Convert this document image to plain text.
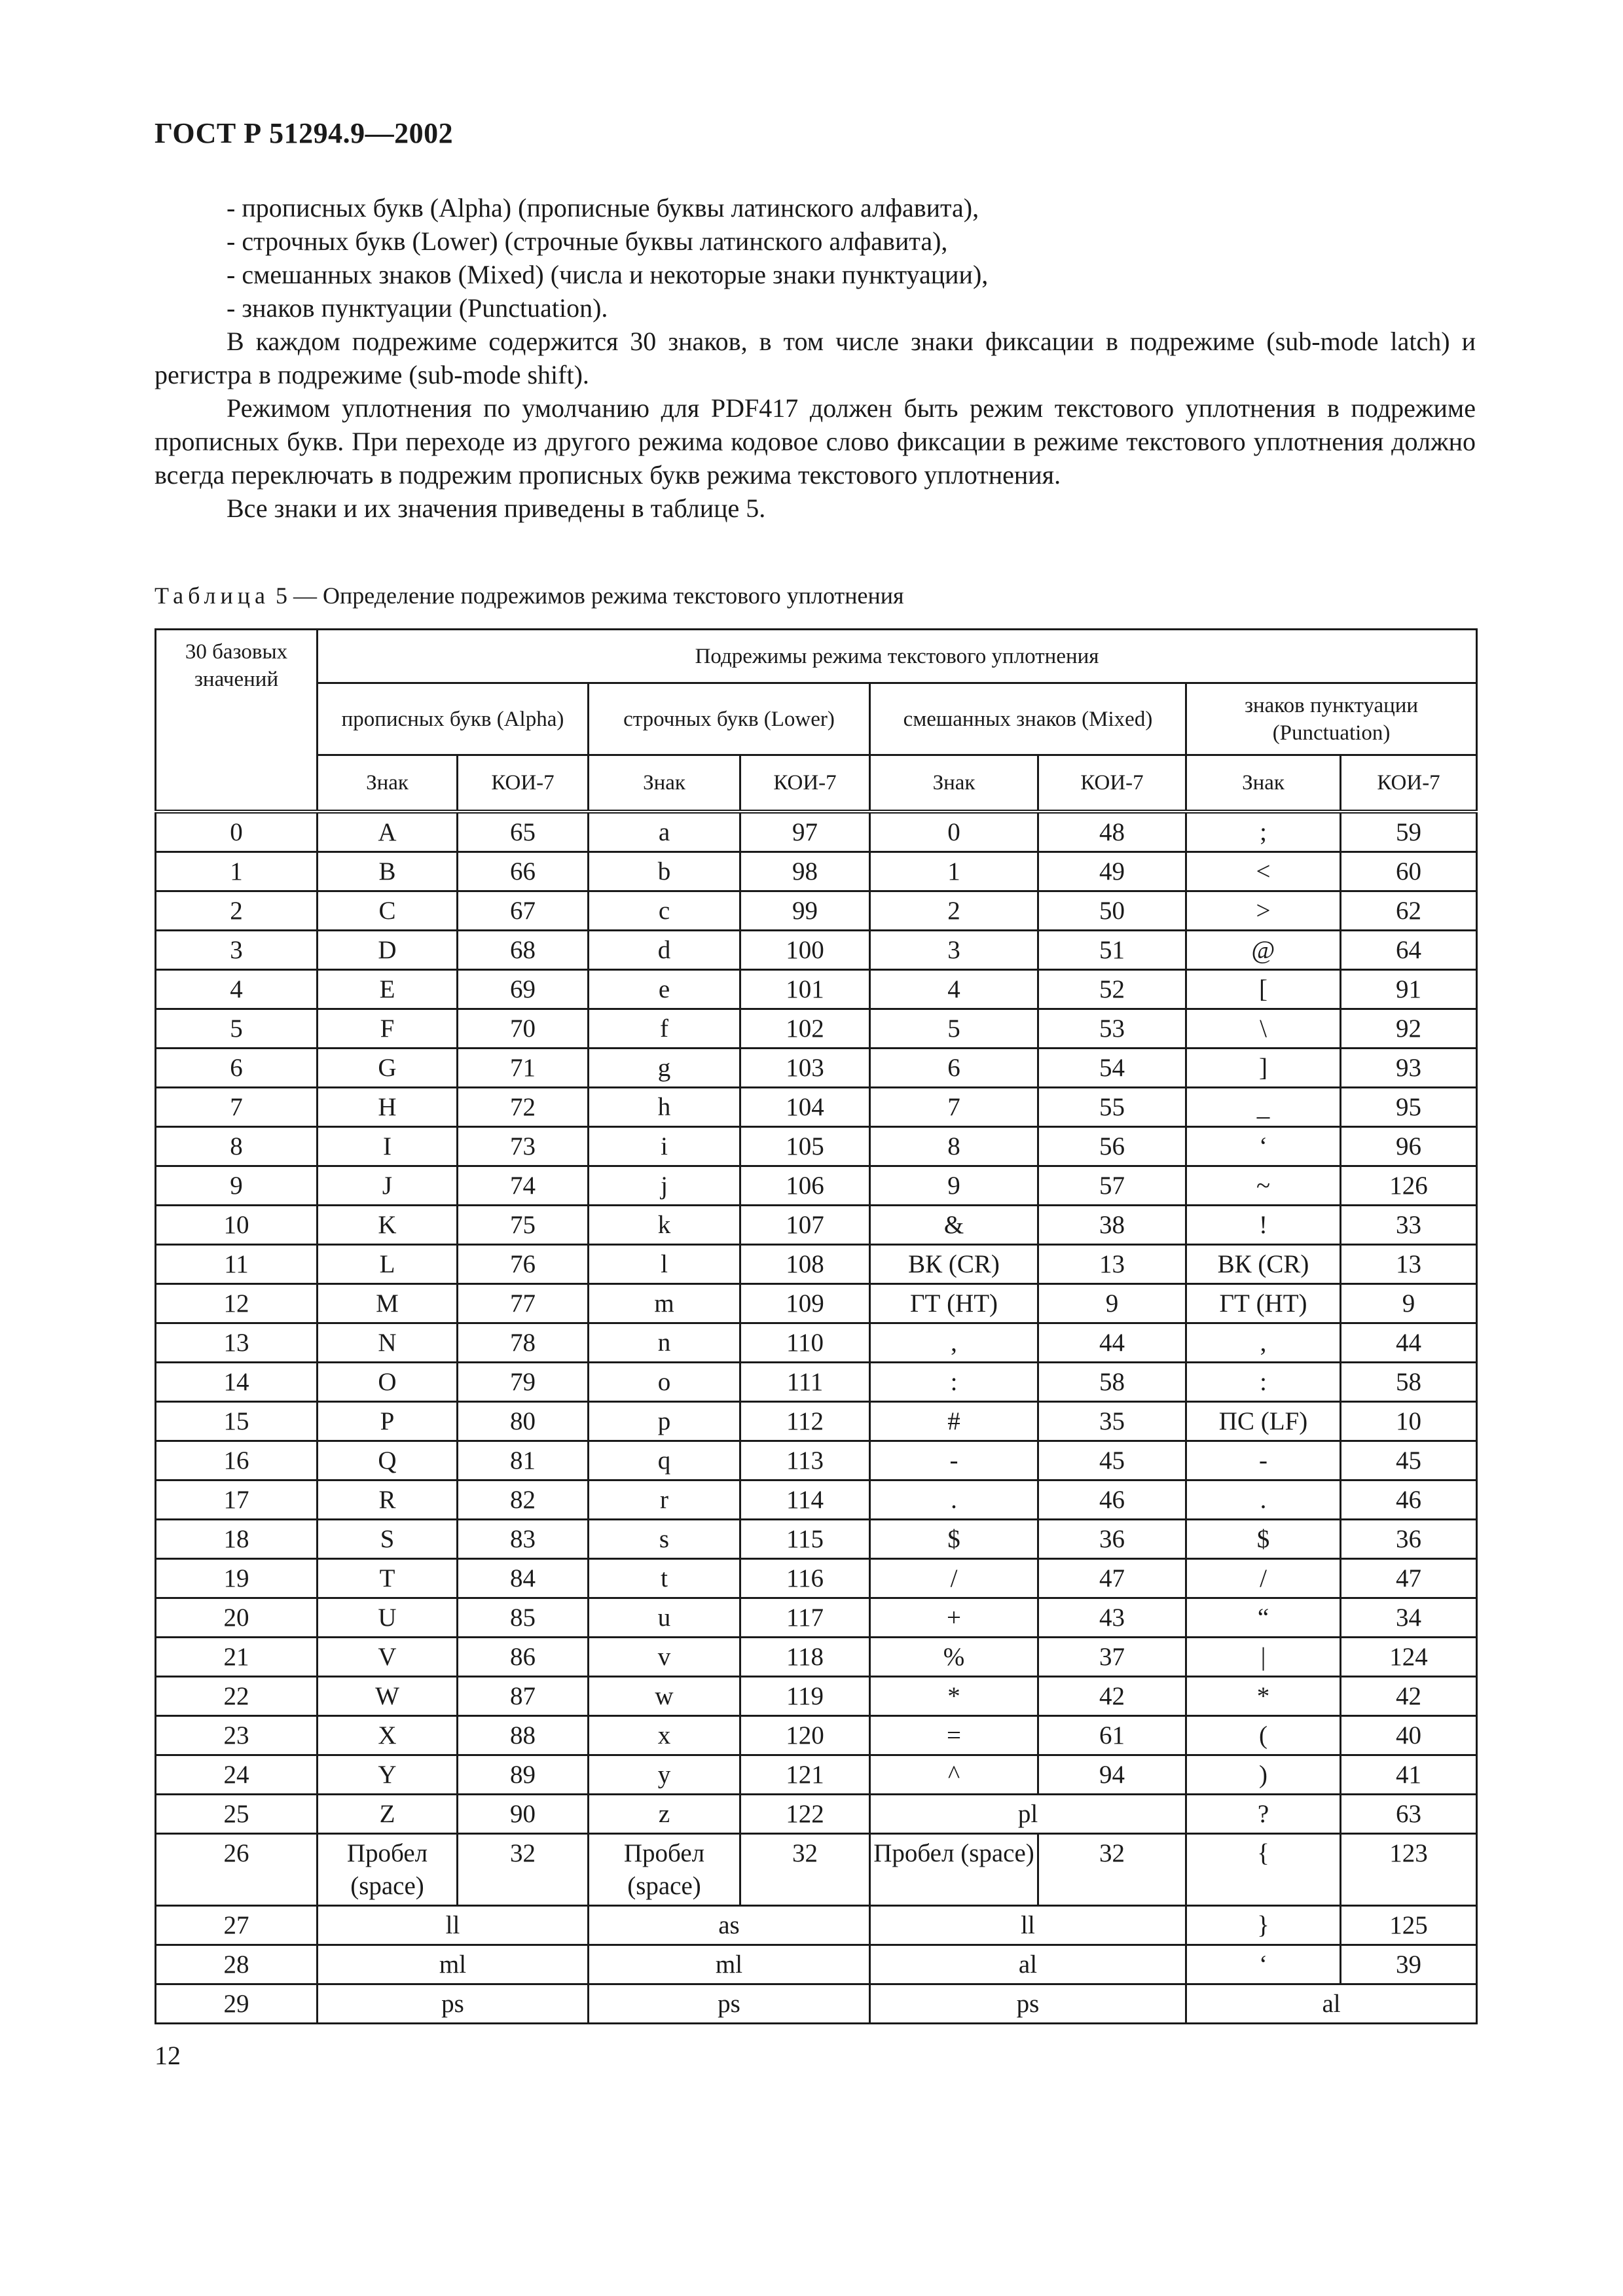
ГОСТ Р 51294.9—2002

- прописных букв (Alpha) (прописные буквы латинского алфавита),

- строчных букв (Lower) (строчные буквы латинского алфавита),

- смешанных знаков (Mixed) (числа и некоторые знаки пунктуации),

- знаков пунктуации (Punctuation).

В каждом подрежиме содержится 30 знаков, в том числе знаки фиксации в подрежиме (sub-mode latch) и регистра в подрежиме (sub-mode shift).

Режимом уплотнения по умолчанию для PDF417 должен быть режим текстового уплотнения в подрежиме прописных букв. При переходе из другого режима кодовое слово фиксации в режиме текстового уплотнения должно всегда переключать в подрежим прописных букв режима текстового уплотнения.

Все знаки и их значения приведены в таблице 5.

Таблица 5 — Определение подрежимов режима текстового уплотнения
30 базовых значений	Подрежимы режима текстового уплотнения							
	прописных букв (Alpha)		строчных букв (Lower)		смешанных знаков (Mixed)		знаков пунктуации (Punctuation)	
	Знак	КОИ-7	Знак	КОИ-7	Знак	КОИ-7	Знак	КОИ-7
0	A	65	a	97	0	48	;	59
1	B	66	b	98	1	49	<	60
2	C	67	c	99	2	50	>	62
3	D	68	d	100	3	51	@	64
4	E	69	e	101	4	52	[	91
5	F	70	f	102	5	53	\	92
6	G	71	g	103	6	54	]	93
7	H	72	h	104	7	55	_	95
8	I	73	i	105	8	56	‘	96
9	J	74	j	106	9	57	~	126
10	K	75	k	107	&	38	!	33
11	L	76	l	108	ВК (CR)	13	ВК (CR)	13
12	M	77	m	109	ГТ (HT)	9	ГТ (HT)	9
13	N	78	n	110	,	44	,	44
14	O	79	o	111	:	58	:	58
15	P	80	p	112	#	35	ПС (LF)	10
16	Q	81	q	113	-	45	-	45
17	R	82	r	114	.	46	.	46
18	S	83	s	115	$	36	$	36
19	T	84	t	116	/	47	/	47
20	U	85	u	117	+	43	“	34
21	V	86	v	118	%	37	|	124
22	W	87	w	119	*	42	*	42
23	X	88	x	120	=	61	(	40
24	Y	89	y	121	^	94	)	41
25	Z	90	z	122	pl		?	63
26	Пробел (space)	32	Пробел (space)	32	Пробел (space)	32	{	123
27	ll		as		ll		}	125
28	ml		ml		al		‘	39
29	ps		ps		ps		al	
12
